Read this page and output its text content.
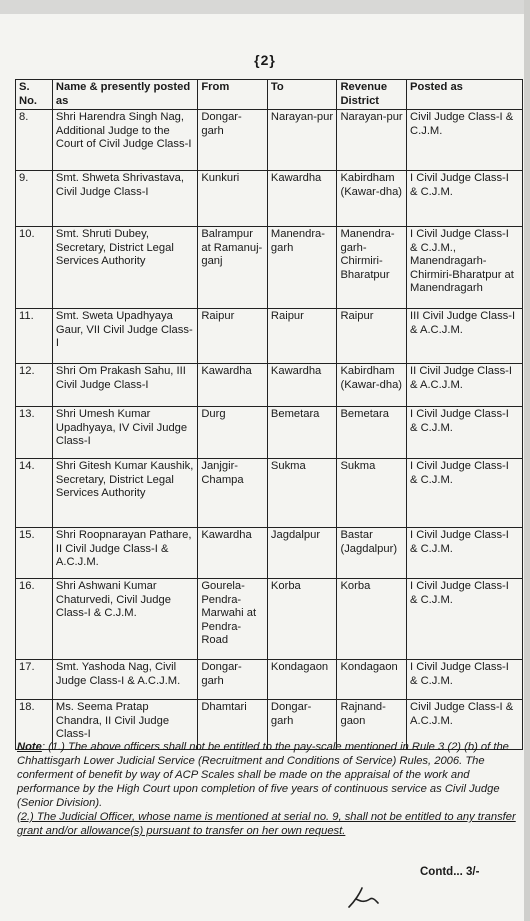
{2}
S. No.	Name & presently posted as	From	To	Revenue District	Posted as
8.	Shri Harendra Singh Nag, Additional Judge to the Court of Civil Judge Class-I	Dongar-garh	Narayan-pur	Narayan-pur	Civil Judge Class-I & C.J.M.
9.	Smt. Shweta Shrivastava, Civil Judge Class-I	Kunkuri	Kawardha	Kabirdham (Kawar-dha)	I Civil Judge Class-I & C.J.M.
10.	Smt. Shruti Dubey, Secretary, District Legal Services Authority	Balrampur at Ramanuj-ganj	Manendra-garh	Manendra-garh-Chirmiri-Bharatpur	I Civil Judge Class-I & C.J.M., Manendragarh-Chirmiri-Bharatpur at Manendragarh
11.	Smt. Sweta Upadhyaya Gaur, VII Civil Judge Class-I	Raipur	Raipur	Raipur	III Civil Judge Class-I & A.C.J.M.
12.	Shri Om Prakash Sahu, III Civil Judge Class-I	Kawardha	Kawardha	Kabirdham (Kawar-dha)	II Civil Judge Class-I & A.C.J.M.
13.	Shri Umesh Kumar Upadhyaya, IV Civil Judge Class-I	Durg	Bemetara	Bemetara	I Civil Judge Class-I & C.J.M.
14.	Shri Gitesh Kumar Kaushik, Secretary, District Legal Services Authority	Janjgir-Champa	Sukma	Sukma	I Civil Judge Class-I & C.J.M.
15.	Shri Roopnarayan Pathare, II Civil Judge Class-I & A.C.J.M.	Kawardha	Jagdalpur	Bastar (Jagdalpur)	I Civil Judge Class-I & C.J.M.
16.	Shri Ashwani Kumar Chaturvedi, Civil Judge Class-I & C.J.M.	Gourela-Pendra-Marwahi at Pendra-Road	Korba	Korba	I Civil Judge Class-I & C.J.M.
17.	Smt. Yashoda Nag, Civil Judge Class-I & A.C.J.M.	Dongar-garh	Kondagaon	Kondagaon	I Civil Judge Class-I & C.J.M.
18.	Ms. Seema Pratap Chandra, II Civil Judge Class-I	Dhamtari	Dongar-garh	Rajnand-gaon	Civil Judge Class-I & A.C.J.M.

Note: (1.) The above officers shall not be entitled to the pay-scale mentioned in Rule 3 (2) (b) of the Chhattisgarh Lower Judicial Service (Recruitment and Conditions of Service) Rules, 2006. The conferment of benefit by way of ACP Scales shall be made on the appraisal of the work and performance by the High Court upon completion of five years of continuous service as Civil Judge (Senior Division).

(2.) The Judicial Officer, whose name is mentioned at serial no. 9, shall not be entitled to any transfer grant and/or allowance(s) pursuant to transfer on her own request.

Contd... 3/-
